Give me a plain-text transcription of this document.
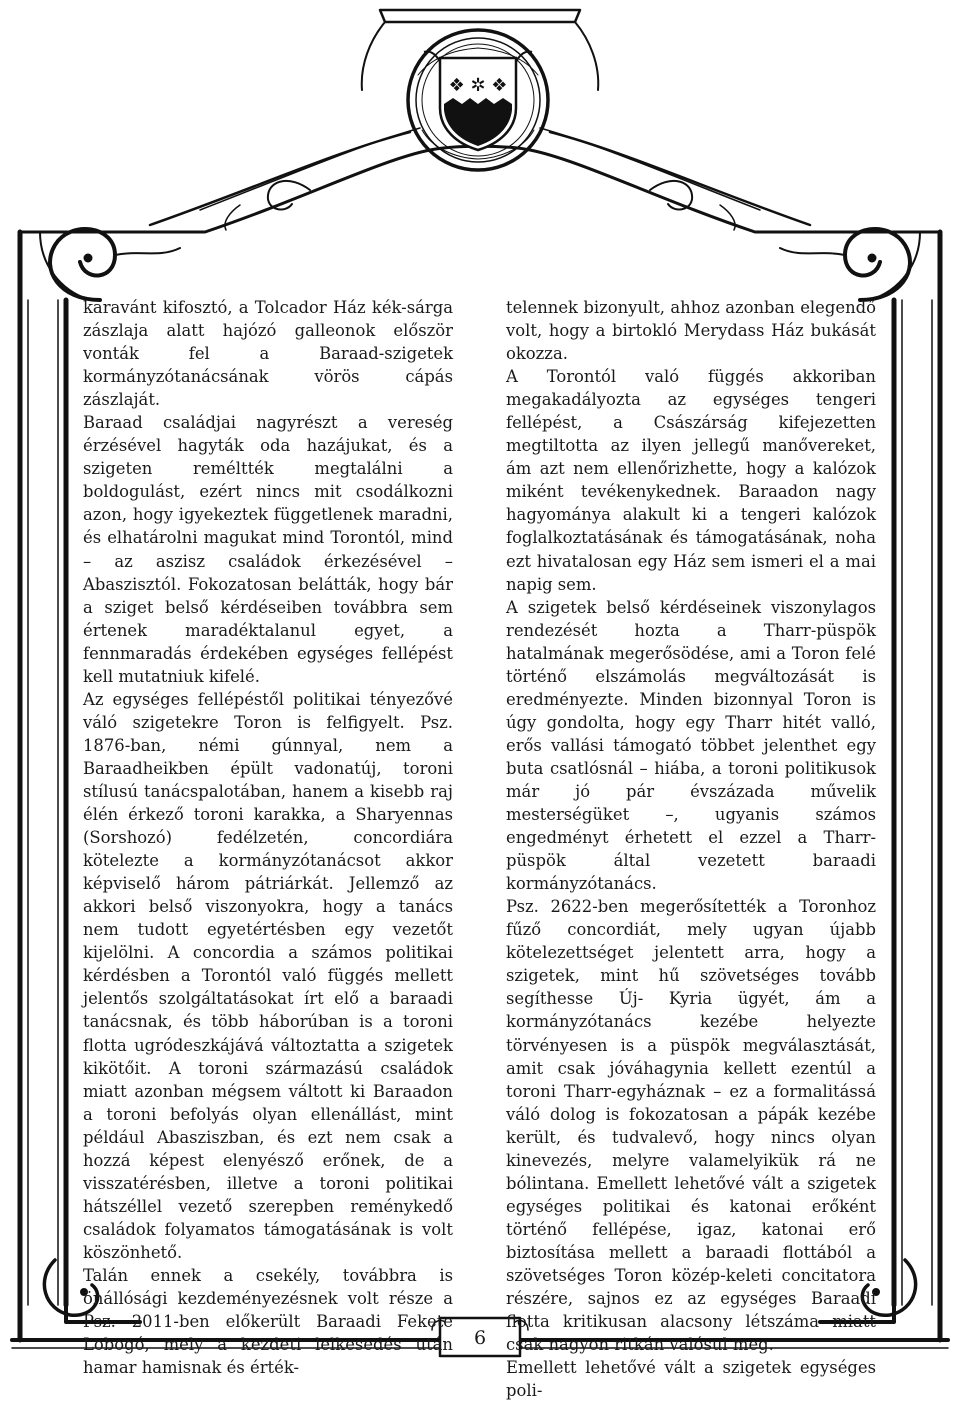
❖ ✲ ❖

karavánt kifosztó, a Tolcador Ház kék-sárga zászlaja alatt hajózó galleonok először vonták fel a Baraad-szigetek kormányzótanácsának vörös cápás zászlaját.

Baraad családjai nagyrészt a vereség érzésével hagyták oda hazájukat, és a szigeten reméltték megtalálni a boldogulást, ezért nincs mit csodálkozni azon, hogy igyekeztek függetlenek maradni, és elhatárolni magukat mind Torontól, mind – az aszisz családok érkezésével – Abaszisztól. Fokozatosan belátták, hogy bár a sziget belső kérdéseiben továbbra sem értenek maradéktalanul egyet, a fennmaradás érdekében egységes fellépést kell mutatniuk kifelé.

Az egységes fellépéstől politikai tényezővé váló szigetekre Toron is felfigyelt. Psz. 1876-ban, némi gúnnyal, nem a Baraadheikben épült vadonatúj, toroni stílusú tanácspalotában, hanem a kisebb raj élén érkező toroni karakka, a Sharyennas (Sorshozó) fedélzetén, concordiára kötelezte a kormányzótanácsot akkor képviselő három pátriárkát. Jellemző az akkori belső viszonyokra, hogy a tanács nem tudott egyetértésben egy vezetőt kijelölni. A concordia a számos politikai kérdésben a Torontól való függés mellett jelentős szolgáltatásokat írt elő a baraadi tanácsnak, és több háborúban is a toroni flotta ugródeszkájává változtatta a szigetek kikötőit. A toroni származású családok miatt azonban mégsem váltott ki Baraadon a toroni befolyás olyan ellenállást, mint például Abasziszban, és ezt nem csak a hozzá képest elenyésző erőnek, de a visszatérésben, illetve a toroni politikai hátszéllel vezető szerepben reménykedő családok folyamatos támogatásának is volt köszönhető.

Talán ennek a csekély, továbbra is önállósági kezdeményezésnek volt része a Psz. 2011-ben előkerült Baraadi Fekete Lobogó, mely a kezdeti lelkesedés után hamar hamisnak és érték-

telennek bizonyult, ahhoz azonban elegendő volt, hogy a birtokló Merydass Ház bukását okozza.

A Torontól való függés akkoriban megakadályozta az egységes tengeri fellépést, a Császárság kifejezetten megtiltotta az ilyen jellegű manővereket, ám azt nem ellenőrizhette, hogy a kalózok miként tevékenykednek. Baraadon nagy hagyománya alakult ki a tengeri kalózok foglalkoztatásának és támogatásának, noha ezt hivatalosan egy Ház sem ismeri el a mai napig sem.

A szigetek belső kérdéseinek viszonylagos rendezését hozta a Tharr-püspök hatalmának megerősödése, ami a Toron felé történő elszámolás megváltozását is eredményezte. Minden bizonnyal Toron is úgy gondolta, hogy egy Tharr hitét valló, erős vallási támogató többet jelenthet egy buta csatlósnál – hiába, a toroni politikusok már jó pár évszázada művelik mesterségüket –, ugyanis számos engedményt érhetett el ezzel a Tharr-püspök által vezetett baraadi kormányzótanács.

Psz. 2622-ben megerősítették a Toronhoz fűző concordiát, mely ugyan újabb kötelezettséget jelentett arra, hogy a szigetek, mint hű szövetséges tovább segíthesse Új- Kyria ügyét, ám a kormányzótanács kezébe helyezte törvényesen is a püspök megválasztását, amit csak jóváhagynia kellett ezentúl a toroni Tharr-egyháznak – ez a formalitássá váló dolog is fokozatosan a pápák kezébe került, és tudvalevő, hogy nincs olyan kinevezés, melyre valamelyikük rá ne bólintana. Emellett lehetővé vált a szigetek egységes politikai és katonai erőként történő fellépése, igaz, katonai erő biztosítása mellett a baraadi flottából a szövetséges Toron közép-keleti concitatora részére, sajnos ez az egységes Baraadi flotta kritikusan alacsony létszáma miatt csak nagyon ritkán valósul meg.

Emellett lehetővé vált a szigetek egységes poli-

6
